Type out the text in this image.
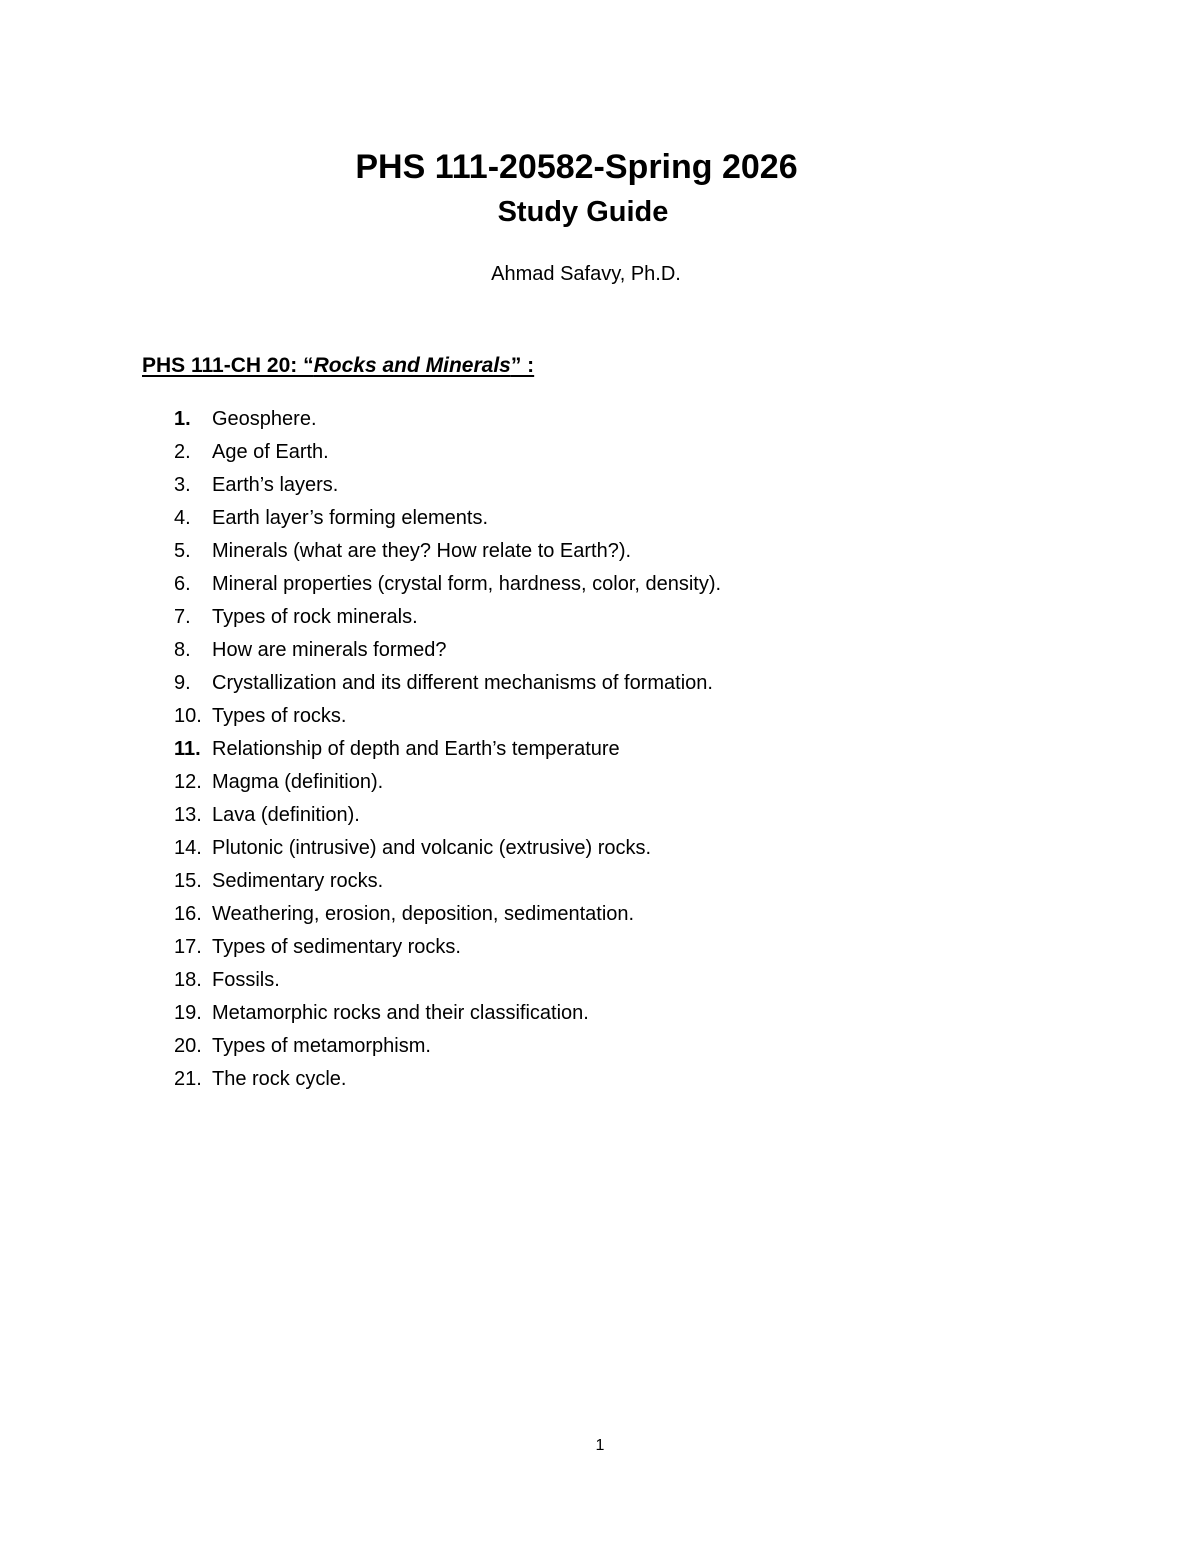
PHS 111-20582-Spring 2026
Study Guide
Ahmad Safavy, Ph.D.
PHS 111-CH 20: “Rocks and Minerals” :
1. Geosphere.
2. Age of Earth.
3. Earth’s layers.
4. Earth layer’s forming elements.
5. Minerals (what are they? How relate to Earth?).
6. Mineral properties (crystal form, hardness, color, density).
7. Types of rock minerals.
8. How are minerals formed?
9. Crystallization and its different mechanisms of formation.
10. Types of rocks.
11. Relationship of depth and Earth’s temperature
12. Magma (definition).
13. Lava (definition).
14. Plutonic (intrusive) and volcanic (extrusive) rocks.
15. Sedimentary rocks.
16. Weathering, erosion, deposition, sedimentation.
17. Types of sedimentary rocks.
18. Fossils.
19. Metamorphic rocks and their classification.
20. Types of metamorphism.
21. The rock cycle.
1
